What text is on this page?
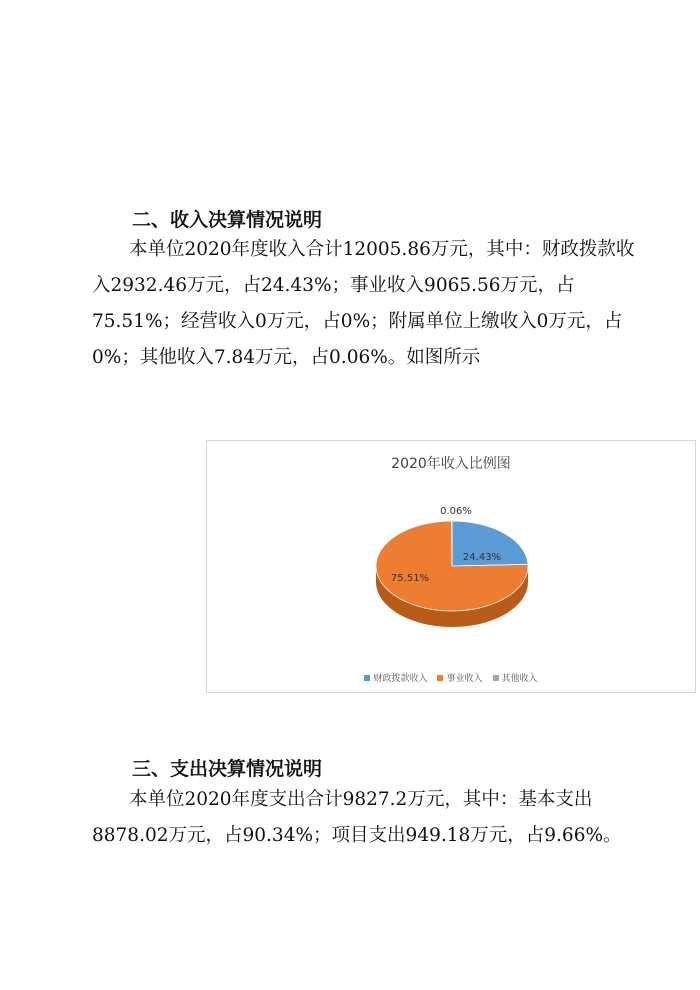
二、收入决算情况说明

本单位2020年度收入合计12005.86万元，其中：财政拨款收入2932.46万元，占24.43%；事业收入9065.56万元，占75.51%；经营收入0万元，占0%；附属单位上缴收入0万元，占0%；其他收入7.84万元，占0.06%。如图所示

2020年收入比例图
24.43%
75.51%
0.06%
财政拨款收入 事业收入 其他收入
三、支出决算情况说明

本单位2020年度支出合计9827.2万元，其中：基本支出8878.02万元，占90.34%；项目支出949.18万元，占9.66%。
